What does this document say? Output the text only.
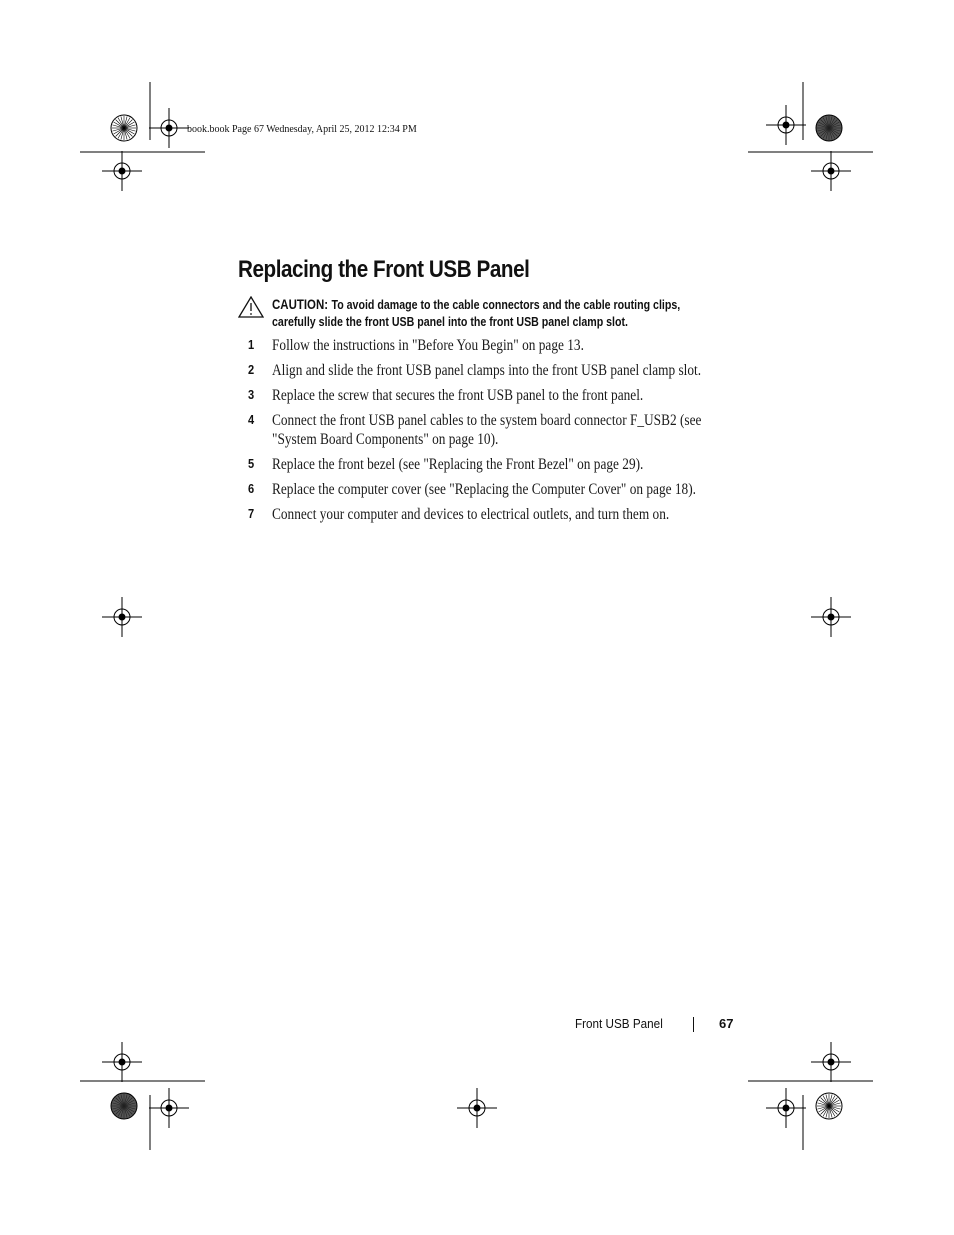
book.book Page 67 Wednesday, April 25, 2012 12:34 PM
Replacing the Front USB Panel
CAUTION: To avoid damage to the cable connectors and the cable routing clips,
carefully slide the front USB panel into the front USB panel clamp slot.
1 Follow the instructions in "Before You Begin" on page 13.
2 Align and slide the front USB panel clamps into the front USB panel clamp slot.
3 Replace the screw that secures the front USB panel to the front panel.
4 Connect the front USB panel cables to the system board connector F_USB2 (see "System Board Components" on page 10).
5 Replace the front bezel (see "Replacing the Front Bezel" on page 29).
6 Replace the computer cover (see "Replacing the Computer Cover" on page 18).
7 Connect your computer and devices to electrical outlets, and turn them on.
Front USB Panel	67
